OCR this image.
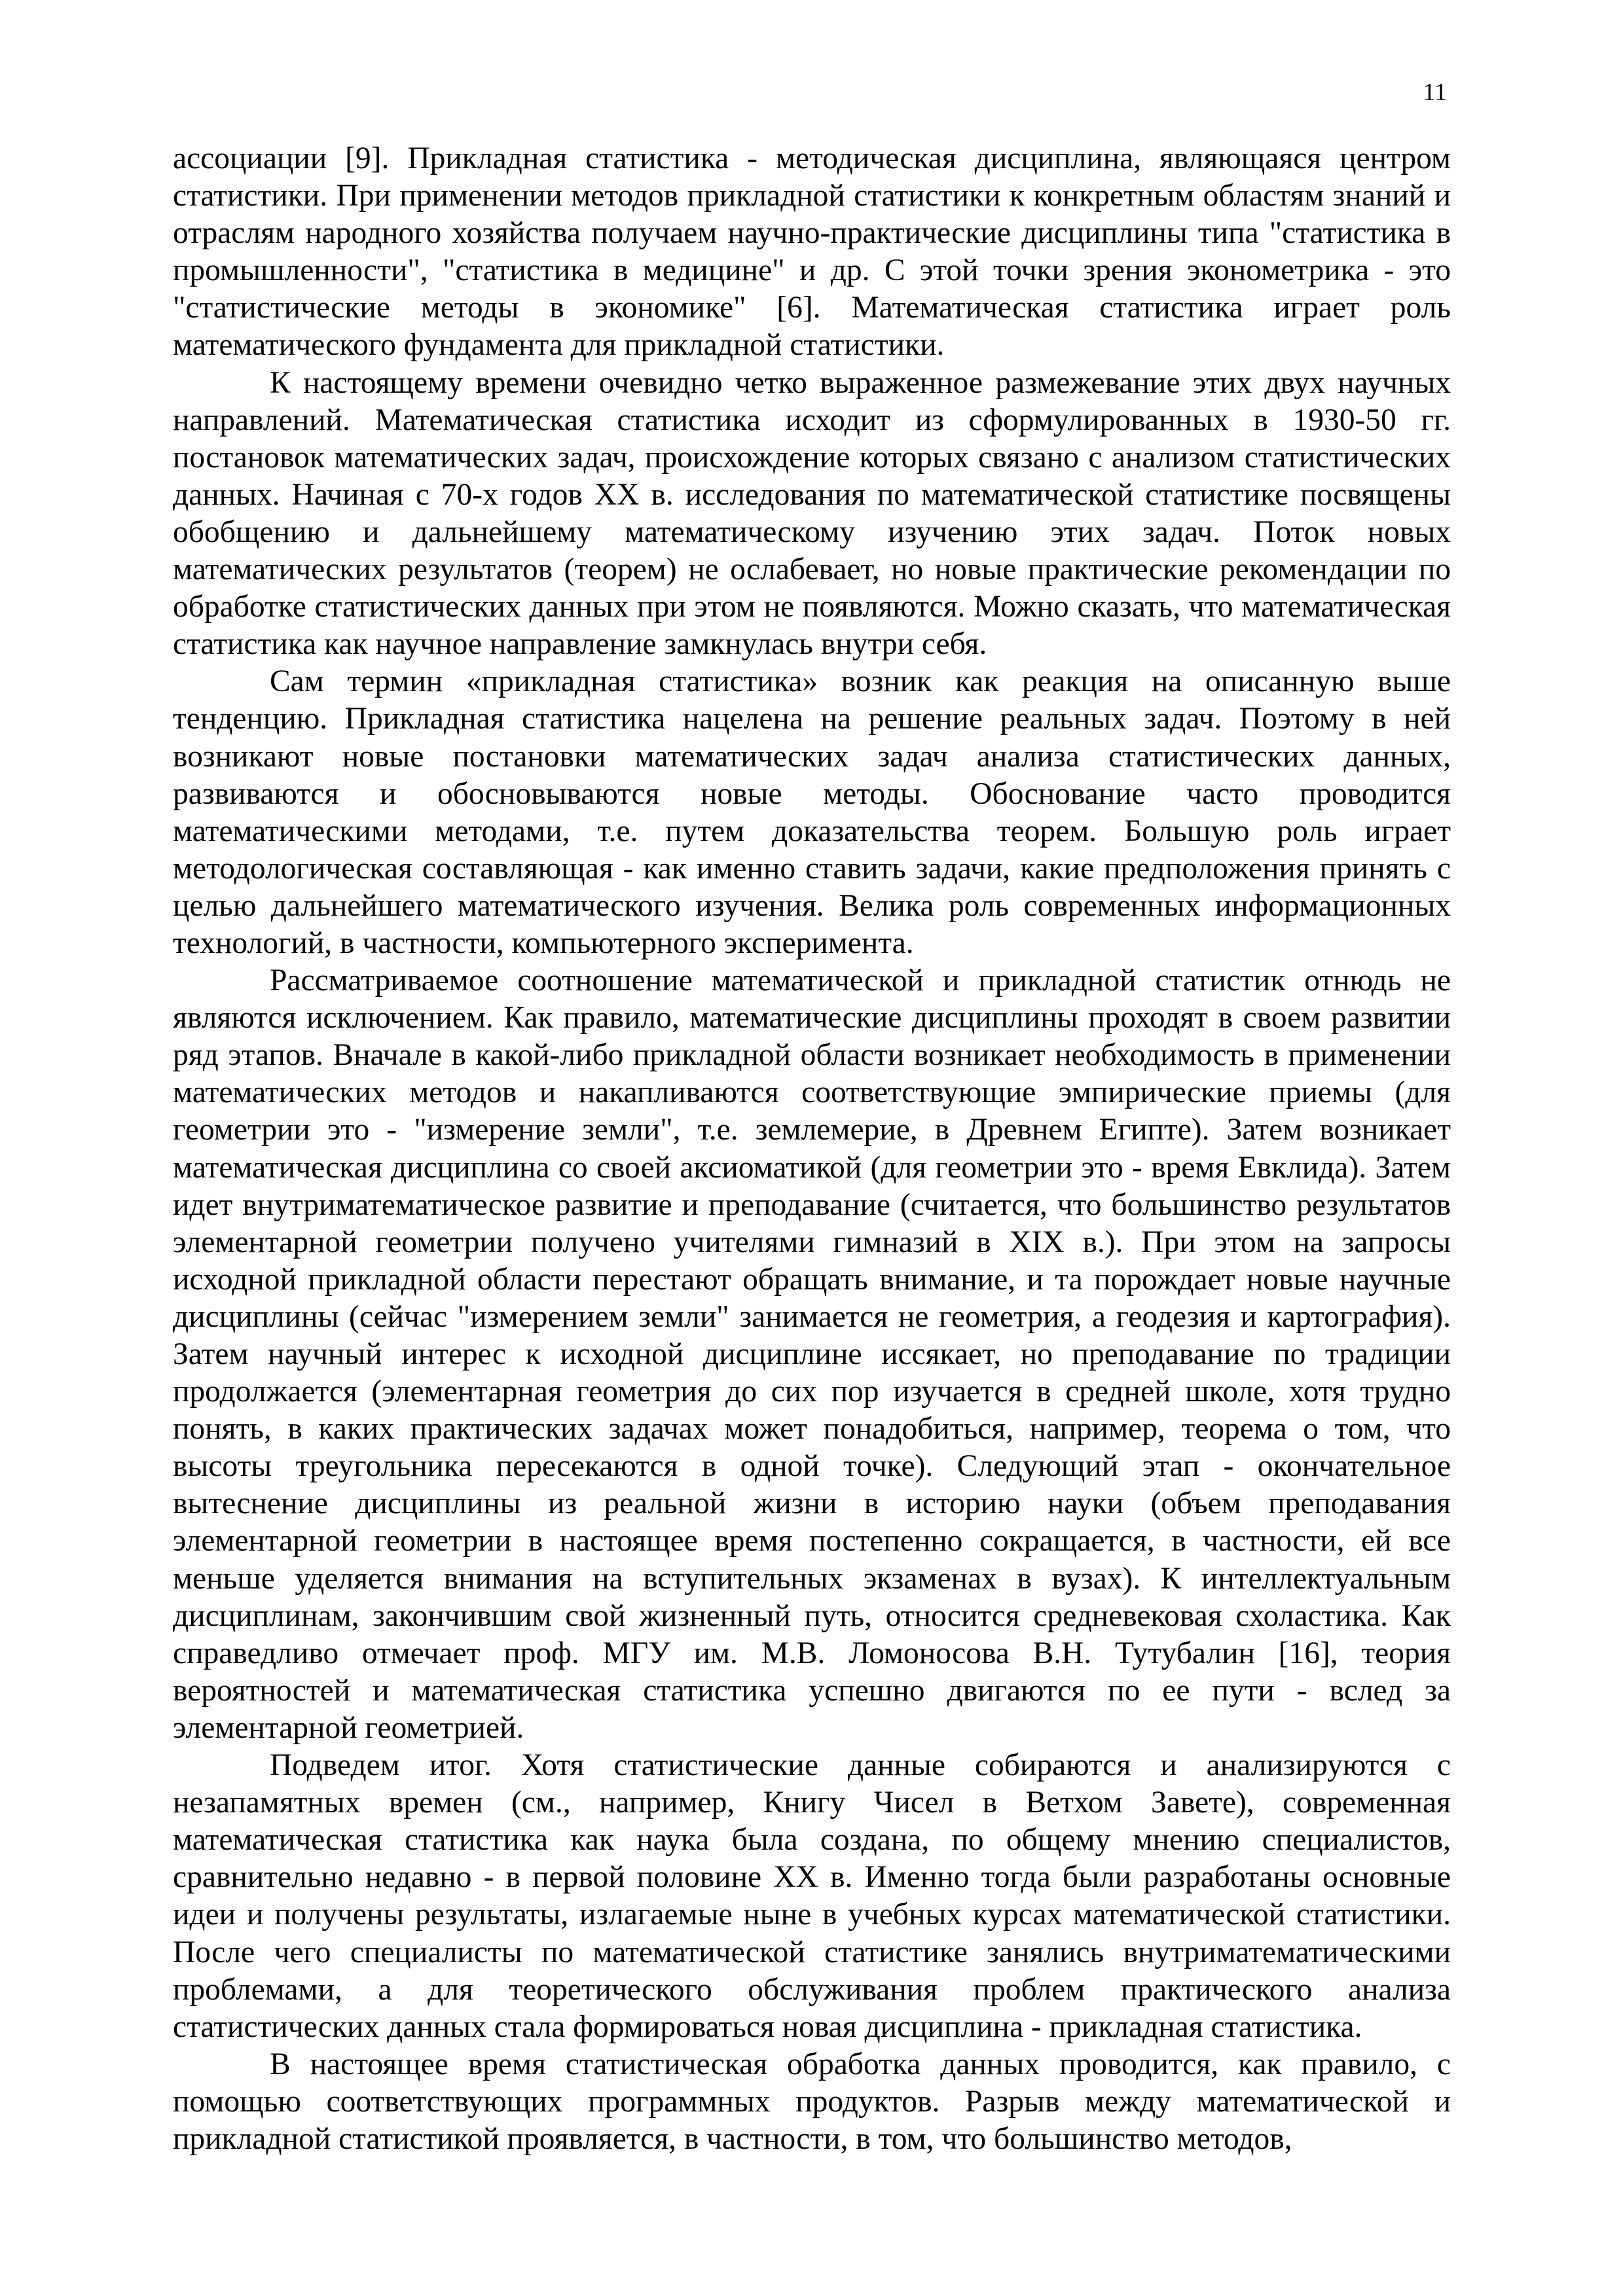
11

ассоциации [9]. Прикладная статистика - методическая дисциплина, являющаяся центром статистики. При применении методов прикладной статистики к конкретным областям знаний и отраслям народного хозяйства получаем научно-практические дисциплины типа "статистика в промышленности", "статистика в медицине" и др. С этой точки зрения эконометрика - это "статистические методы в экономике" [6]. Математическая статистика играет роль математического фундамента для прикладной статистики.

К настоящему времени очевидно четко выраженное размежевание этих двух научных направлений. Математическая статистика исходит из сформулированных в 1930-50 гг. постановок математических задач, происхождение которых связано с анализом статистических данных. Начиная с 70-х годов XX в. исследования по математической статистике посвящены обобщению и дальнейшему математическому изучению этих задач. Поток новых математических результатов (теорем) не ослабевает, но новые практические рекомендации по обработке статистических данных при этом не появляются. Можно сказать, что математическая статистика как научное направление замкнулась внутри себя.

Сам термин «прикладная статистика» возник как реакция на описанную выше тенденцию. Прикладная статистика нацелена на решение реальных задач. Поэтому в ней возникают новые постановки математических задач анализа статистических данных, развиваются и обосновываются новые методы. Обоснование часто проводится математическими методами, т.е. путем доказательства теорем. Большую роль играет методологическая составляющая - как именно ставить задачи, какие предположения принять с целью дальнейшего математического изучения. Велика роль современных информационных технологий, в частности, компьютерного эксперимента.

Рассматриваемое соотношение математической и прикладной статистик отнюдь не являются исключением. Как правило, математические дисциплины проходят в своем развитии ряд этапов. Вначале в какой-либо прикладной области возникает необходимость в применении математических методов и накапливаются соответствующие эмпирические приемы (для геометрии это - "измерение земли", т.е. землемерие, в Древнем Египте). Затем возникает математическая дисциплина со своей аксиоматикой (для геометрии это - время Евклида). Затем идет внутриматематическое развитие и преподавание (считается, что большинство результатов элементарной геометрии получено учителями гимназий в XIX в.). При этом на запросы исходной прикладной области перестают обращать внимание, и та порождает новые научные дисциплины (сейчас "измерением земли" занимается не геометрия, а геодезия и картография). Затем научный интерес к исходной дисциплине иссякает, но преподавание по традиции продолжается (элементарная геометрия до сих пор изучается в средней школе, хотя трудно понять, в каких практических задачах может понадобиться, например, теорема о том, что высоты треугольника пересекаются в одной точке). Следующий этап - окончательное вытеснение дисциплины из реальной жизни в историю науки (объем преподавания элементарной геометрии в настоящее время постепенно сокращается, в частности, ей все меньше уделяется внимания на вступительных экзаменах в вузах). К интеллектуальным дисциплинам, закончившим свой жизненный путь, относится средневековая схоластика. Как справедливо отмечает проф. МГУ им. М.В. Ломоносова В.Н. Тутубалин [16], теория вероятностей и математическая статистика успешно двигаются по ее пути - вслед за элементарной геометрией.

Подведем итог. Хотя статистические данные собираются и анализируются с незапамятных времен (см., например, Книгу Чисел в Ветхом Завете), современная математическая статистика как наука была создана, по общему мнению специалистов, сравнительно недавно - в первой половине XX в. Именно тогда были разработаны основные идеи и получены результаты, излагаемые ныне в учебных курсах математической статистики. После чего специалисты по математической статистике занялись внутриматематическими проблемами, а для теоретического обслуживания проблем практического анализа статистических данных стала формироваться новая дисциплина - прикладная статистика.

В настоящее время статистическая обработка данных проводится, как правило, с помощью соответствующих программных продуктов. Разрыв между математической и прикладной статистикой проявляется, в частности, в том, что большинство методов,
